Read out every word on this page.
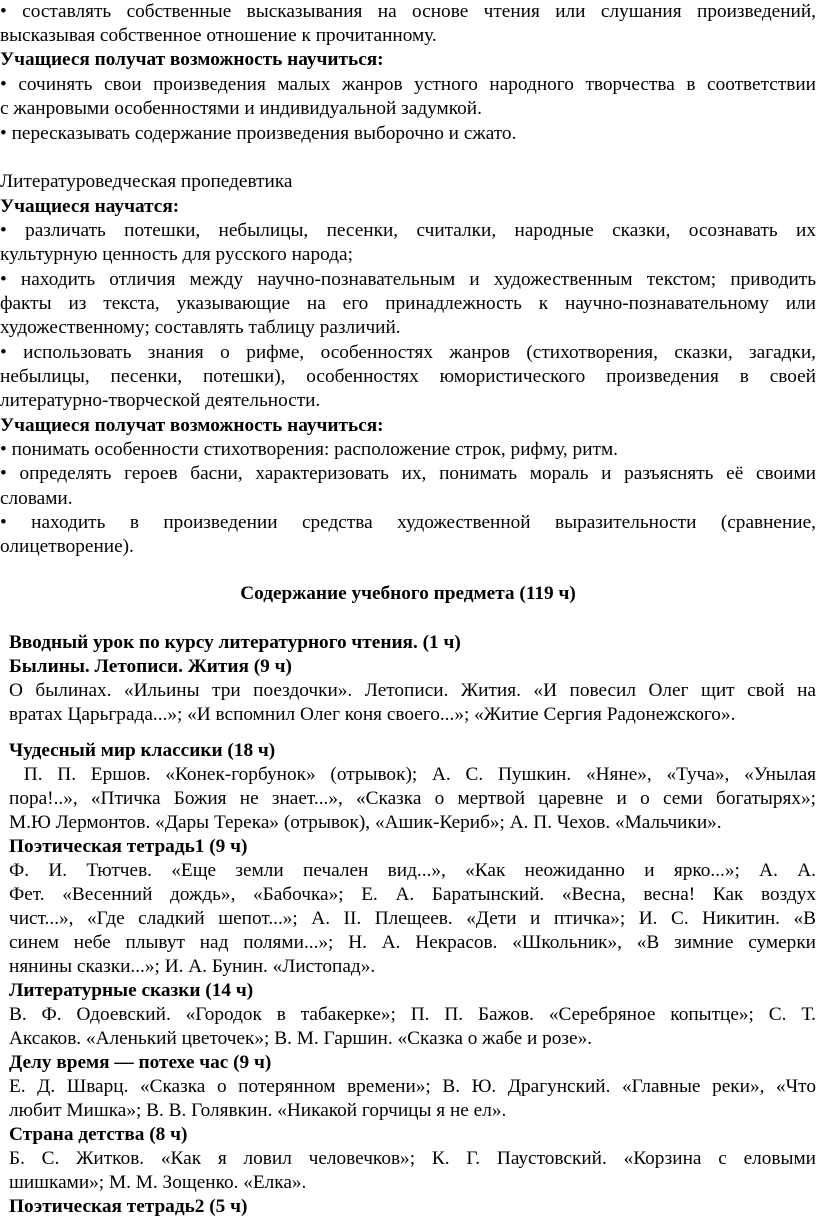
• составлять собственные высказывания на основе чтения или слушания произведений,
высказывая собственное отношение к прочитанному.
Учащиеся получат возможность научиться:
• сочинять свои произведения малых жанров устного народного творчества в соответствии
с жанровыми особенностями и индивидуальной задумкой.
• пересказывать содержание произведения выборочно и сжато.
Литературоведческая пропедевтика
Учащиеся научатся:
• различать потешки, небылицы, песенки, считалки, народные сказки, осознавать их
культурную ценность для русского народа;
• находить отличия между научно-познавательным и художественным текстом; приводить
факты из текста, указывающие на его принадлежность к научно-познавательному или
художественному; составлять таблицу различий.
• использовать знания о рифме, особенностях жанров (стихотворения, сказки, загадки,
небылицы, песенки, потешки), особенностях юмористического произведения в своей
литературно-творческой деятельности.
Учащиеся получат возможность научиться:
• понимать особенности стихотворения: расположение строк, рифму, ритм.
• определять героев басни, характеризовать их, понимать мораль и разъяснять её своими
словами.
• находить в произведении средства художественной выразительности (сравнение,
олицетворение).
Содержание учебного предмета (119 ч)
Вводный урок по курсу литературного чтения. (1 ч)
Былины. Летописи. Жития (9 ч)
О былинах. «Ильины три поездочки». Летописи. Жития. «И повесил Олег щит свой на
вратах Царьграда...»; «И вспомнил Олег коня своего...»; «Житие Сергия Радонежского».
Чудесный мир классики (18 ч)
П. П. Ершов. «Конек-горбунок» (отрывок); А. С. Пушкин. «Няне», «Туча», «Унылая
пора!..», «Птичка Божия не знает...», «Сказка о мертвой царевне и о семи богатырях»;
М.Ю Лермонтов. «Дары Терека» (отрывок), «Ашик-Кериб»; А. П. Чехов. «Мальчики».
Поэтическая тетрадь1 (9 ч)
Ф. И. Тютчев. «Еще земли печален вид...», «Как неожиданно и ярко...»; А. А.
Фет. «Весенний дождь», «Бабочка»; Е. А. Баратынский. «Весна, весна! Как воздух
чист...», «Где сладкий шепот...»; А. II. Плещеев. «Дети и птичка»; И. С. Никитин. «В
синем небе плывут над полями...»; Н. А. Некрасов. «Школьник», «В зимние сумерки
нянины сказки...»; И. А. Бунин. «Листопад».
Литературные сказки (14 ч)
В. Ф. Одоевский. «Городок в табакерке»; П. П. Бажов. «Серебряное копытце»; С. Т.
Аксаков. «Аленький цветочек»; В. М. Гаршин. «Сказка о жабе и розе».
Делу время — потехе час (9 ч)
Е. Д. Шварц. «Сказка о потерянном времени»; В. Ю. Драгунский. «Главные реки», «Что
любит Мишка»; В. В. Голявкин. «Никакой горчицы я не ел».
Страна детства (8 ч)
Б. С. Житков. «Как я ловил человечков»; К. Г. Паустовский. «Корзина с еловыми
шишками»; М. М. Зощенко. «Елка».
Поэтическая тетрадь2 (5 ч)
